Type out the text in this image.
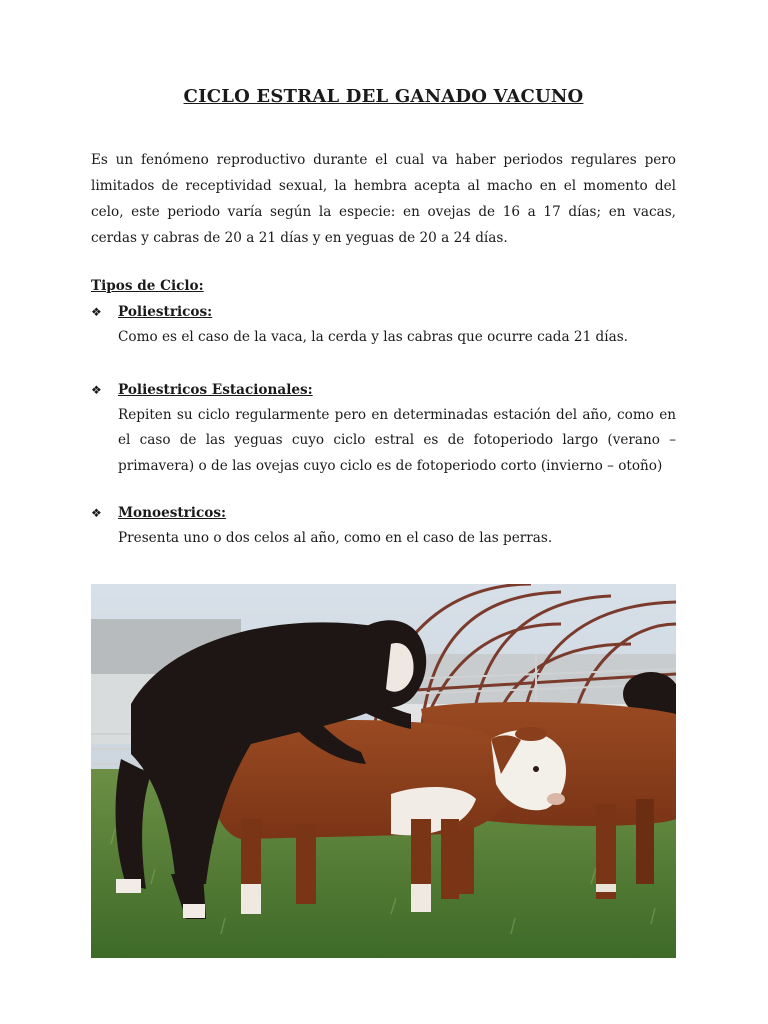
CICLO ESTRAL DEL GANADO VACUNO

Es un fenómeno reproductivo durante el cual va haber periodos regulares pero limitados de receptividad sexual, la hembra acepta al macho en el momento del celo, este periodo varía según la especie: en ovejas de 16 a 17 días; en vacas, cerdas y cabras de 20 a 21 días y en yeguas de 20 a 24 días.

Tipos de Ciclo:
❖	Poliestricos:
Como es el caso de la vaca, la cerda y las cabras que ocurre cada 21 días.
❖	Poliestricos Estacionales:
Repiten su ciclo regularmente pero en determinadas estación del año, como en el caso de las yeguas cuyo ciclo estral es de fotoperiodo largo (verano – primavera) o de las ovejas cuyo ciclo es de fotoperiodo corto (invierno – otoño)
❖	Monoestricos:
Presenta uno o dos celos al año, como en el caso de las perras.
